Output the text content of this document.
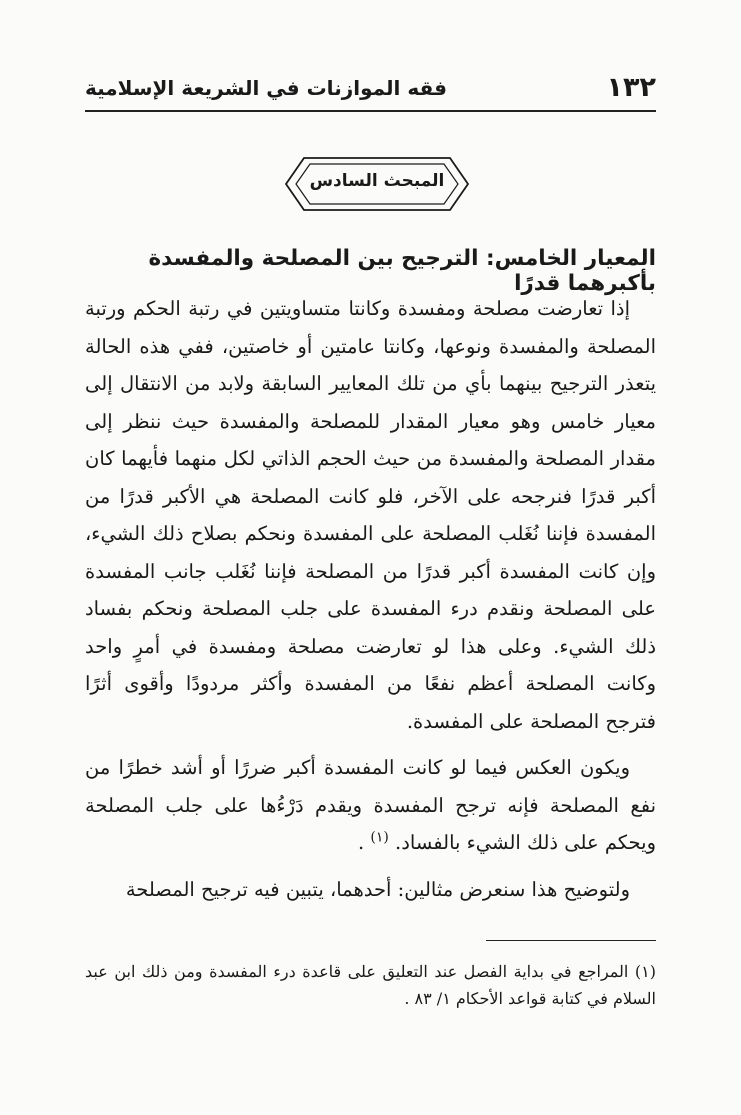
١٣٢
فقه الموازنات في الشريعة الإسلامية
المبحث السادس
المعيار الخامس: الترجيح بين المصلحة والمفسدة بأكبرهما قدرًا

إذا تعارضت مصلحة ومفسدة وكانتا متساويتين في رتبة الحكم ورتبة المصلحة والمفسدة ونوعها، وكانتا عامتين أو خاصتين، ففي هذه الحالة يتعذر الترجيح بينهما بأي من تلك المعايير السابقة ولابد من الانتقال إلى معيار خامس وهو معيار المقدار للمصلحة والمفسدة حيث ننظر إلى مقدار المصلحة والمفسدة من حيث الحجم الذاتي لكل منهما فأيهما كان أكبر قدرًا فنرجحه على الآخر، فلو كانت المصلحة هي الأكبر قدرًا من المفسدة فإننا نُغَلب المصلحة على المفسدة ونحكم بصلاح ذلك الشيء، وإن كانت المفسدة أكبر قدرًا من المصلحة فإننا نُغَلب جانب المفسدة على المصلحة ونقدم درء المفسدة على جلب المصلحة ونحكم بفساد ذلك الشيء. وعلى هذا لو تعارضت مصلحة ومفسدة في أمرٍ واحد وكانت المصلحة أعظم نفعًا من المفسدة وأكثر مردودًا وأقوى أثرًا فترجح المصلحة على المفسدة.

ويكون العكس فيما لو كانت المفسدة أكبر ضررًا أو أشد خطرًا من نفع المصلحة فإنه ترجح المفسدة ويقدم دَرْءُها على جلب المصلحة ويحكم على ذلك الشيء بالفساد. $^{(١)}$ .

ولتوضيح هذا سنعرض مثالين: أحدهما، يتبين فيه ترجيح المصلحة

(١) المراجع في بداية الفصل عند التعليق على قاعدة درء المفسدة ومن ذلك ابن عبد السلام في كتابة قواعد الأحكام ١/ ٨٣ .
